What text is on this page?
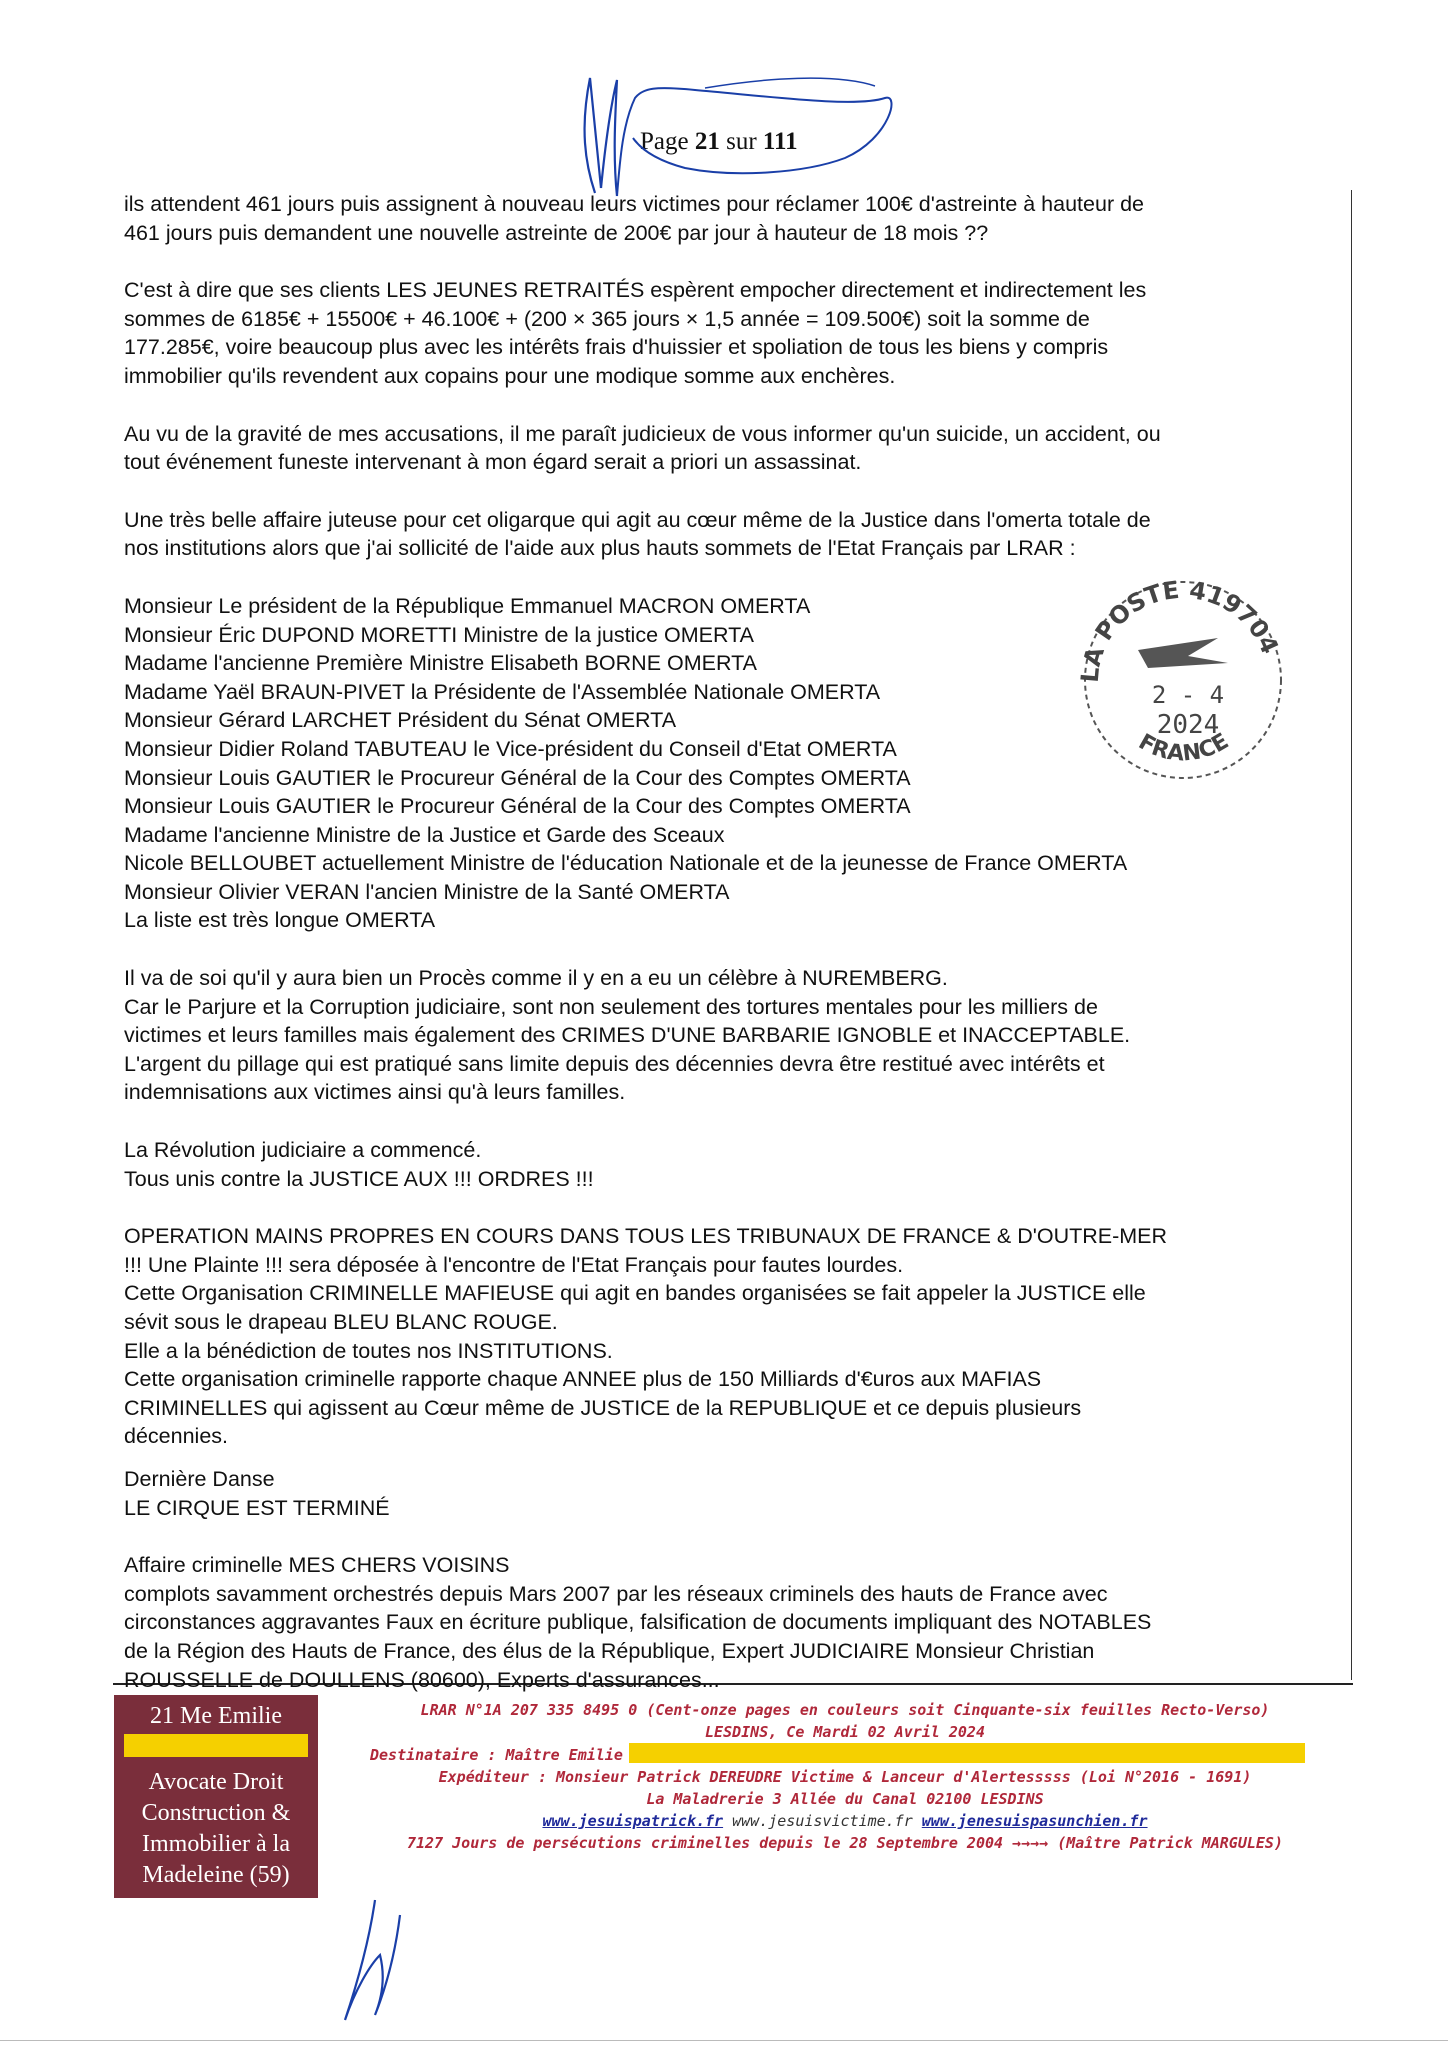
Page 21 sur 111
ils attendent 461 jours puis assignent à nouveau leurs victimes pour réclamer 100€ d'astreinte à hauteur de
461 jours puis demandent une nouvelle astreinte de 200€ par jour à hauteur de 18 mois ??
C'est à dire que ses clients LES JEUNES RETRAITÉS espèrent empocher directement et indirectement les
sommes de 6185€ + 15500€ + 46.100€ + (200 × 365 jours × 1,5 année = 109.500€) soit la somme de
177.285€, voire beaucoup plus avec les intérêts frais d'huissier et spoliation de tous les biens y compris
immobilier qu'ils revendent aux copains pour une modique somme aux enchères.
Au vu de la gravité de mes accusations, il me paraît judicieux de vous informer qu'un suicide, un accident, ou
tout événement funeste intervenant à mon égard serait a priori un assassinat.
Une très belle affaire juteuse pour cet oligarque qui agit au cœur même de la Justice dans l'omerta totale de
nos institutions alors que j'ai sollicité de l'aide aux plus hauts sommets de l'Etat Français par LRAR :
Monsieur Le président de la République Emmanuel MACRON OMERTA
Monsieur Éric DUPOND MORETTI Ministre de la justice OMERTA
Madame l'ancienne Première Ministre Elisabeth BORNE OMERTA
Madame Yaël BRAUN-PIVET la Présidente de l'Assemblée Nationale OMERTA
Monsieur Gérard LARCHET Président du Sénat OMERTA
Monsieur Didier Roland TABUTEAU le Vice-président du Conseil d'Etat OMERTA
Monsieur Louis GAUTIER le Procureur Général de la Cour des Comptes OMERTA
Monsieur Louis GAUTIER le Procureur Général de la Cour des Comptes OMERTA
Madame l'ancienne Ministre de la Justice et Garde des Sceaux
Nicole BELLOUBET actuellement Ministre de l'éducation Nationale et de la jeunesse de France OMERTA
Monsieur Olivier VERAN l'ancien Ministre de la Santé OMERTA
La liste est très longue OMERTA
Il va de soi qu'il y aura bien un Procès comme il y en a eu un célèbre à NUREMBERG.
Car le Parjure et la Corruption judiciaire, sont non seulement des tortures mentales pour les milliers de
victimes et leurs familles mais également des CRIMES D'UNE BARBARIE IGNOBLE et INACCEPTABLE.
L'argent du pillage qui est pratiqué sans limite depuis des décennies devra être restitué avec intérêts et
indemnisations aux victimes ainsi qu'à leurs familles.
La Révolution judiciaire a commencé.
Tous unis contre la JUSTICE AUX !!! ORDRES !!!
OPERATION MAINS PROPRES EN COURS DANS TOUS LES TRIBUNAUX DE FRANCE & D'OUTRE-MER
!!! Une Plainte !!! sera déposée à l'encontre de l'Etat Français pour fautes lourdes.
Cette Organisation CRIMINELLE MAFIEUSE qui agit en bandes organisées se fait appeler la JUSTICE elle
sévit sous le drapeau BLEU BLANC ROUGE.
Elle a la bénédiction de toutes nos INSTITUTIONS.
Cette organisation criminelle rapporte chaque ANNEE plus de 150 Milliards d'€uros aux MAFIAS
CRIMINELLES qui agissent au Cœur même de JUSTICE de la REPUBLIQUE et ce depuis plusieurs
décennies.
Dernière Danse
LE CIRQUE EST TERMINÉ
Affaire criminelle MES CHERS VOISINS
complots savamment orchestrés depuis Mars 2007 par les réseaux criminels des hauts de France avec
circonstances aggravantes Faux en écriture publique, falsification de documents impliquant des NOTABLES
de la Région des Hauts de France, des élus de la République, Expert JUDICIAIRE Monsieur Christian
ROUSSELLE de DOULLENS (80600), Experts d'assurances...
LA POSTE 419704
FRANCE
2 - 4
2024
21 Me Emilie
Avocate Droit
Construction &
Immobilier à la
Madeleine (59)
LRAR N°1A 207 335 8495 0 (Cent-onze pages en couleurs soit Cinquante-six feuilles Recto-Verso)
LESDINS, Ce Mardi 02 Avril 2024
Destinataire : Maître Emilie
Expéditeur : Monsieur Patrick DEREUDRE Victime & Lanceur d'Alertesssss (Loi N°2016 - 1691)
La Maladrerie 3 Allée du Canal 02100 LESDINS
www.jesuispatrick.fr www.jesuisvictime.fr www.jenesuispasunchien.fr
7127 Jours de persécutions criminelles depuis le 28 Septembre 2004 →→→→ (Maître Patrick MARGULES)
